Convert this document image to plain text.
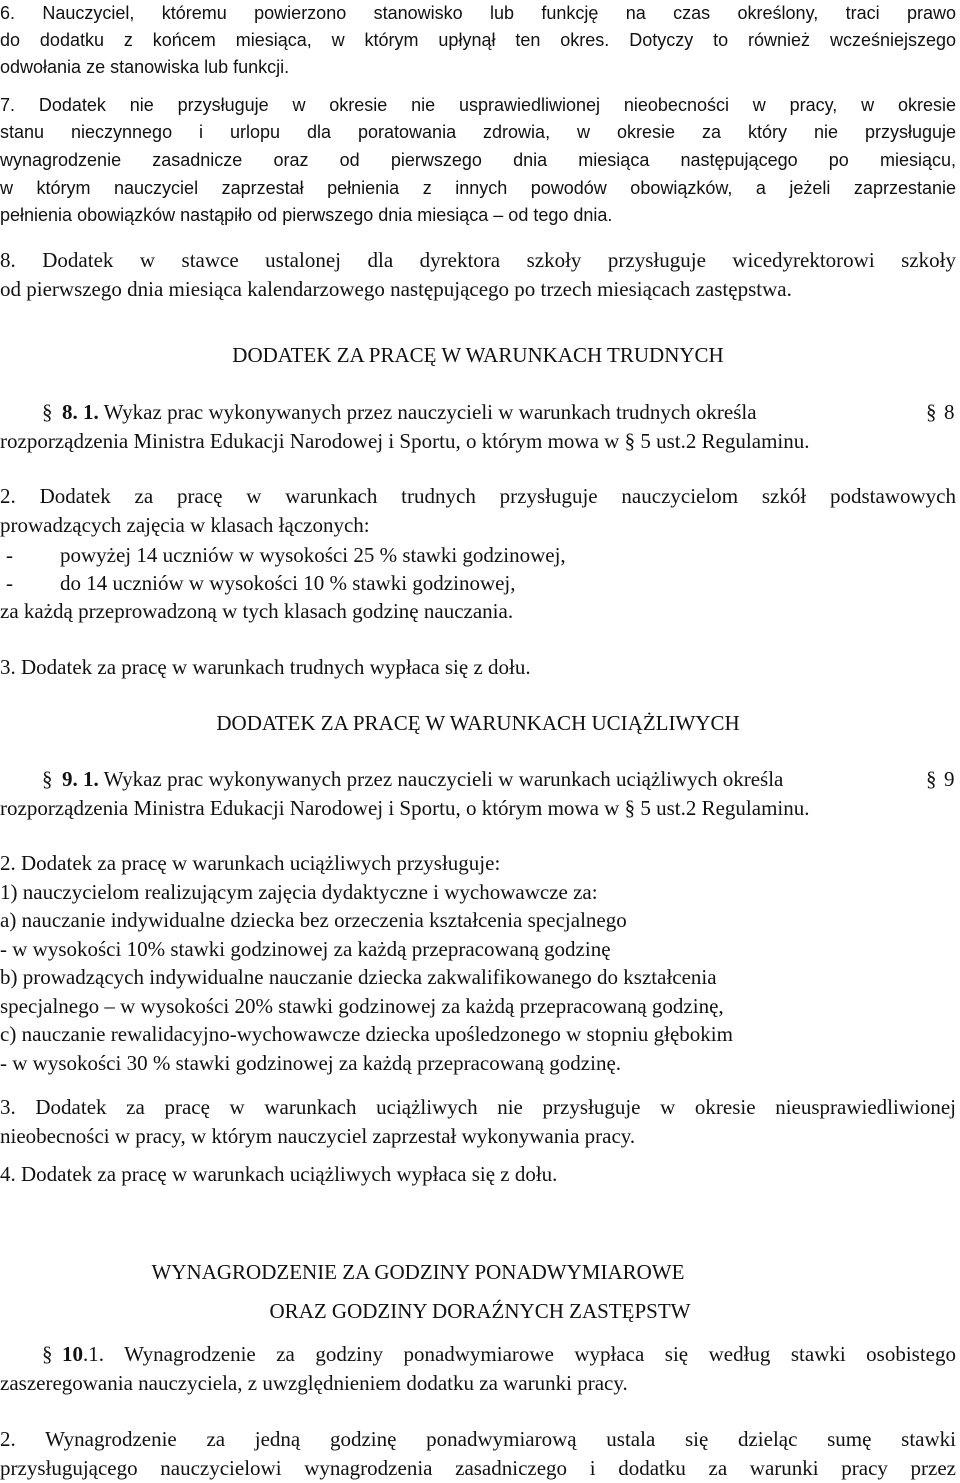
6. Nauczyciel, któremu powierzono stanowisko lub funkcję na czas określony, traci prawo

do dodatku z końcem miesiąca, w którym upłynął ten okres. Dotyczy to również wcześniejszego

odwołania ze stanowiska lub funkcji.

7. Dodatek nie przysługuje w okresie nie usprawiedliwionej nieobecności w pracy, w okresie

stanu nieczynnego i urlopu dla poratowania zdrowia, w okresie za który nie przysługuje

wynagrodzenie zasadnicze oraz od pierwszego dnia miesiąca następującego po miesiącu,

w którym nauczyciel zaprzestał pełnienia z innych powodów obowiązków, a jeżeli zaprzestanie

pełnienia obowiązków nastąpiło od pierwszego dnia miesiąca – od tego dnia.

8. Dodatek w stawce ustalonej dla dyrektora szkoły przysługuje wicedyrektorowi szkoły

od pierwszego dnia miesiąca kalendarzowego następującego po trzech miesiącach zastępstwa.

DODATEK ZA PRACĘ W WARUNKACH TRUDNYCH

§ 8. 1. Wykaz prac wykonywanych przez nauczycieli w warunkach trudnych określa	§ 8

rozporządzenia Ministra Edukacji Narodowej i Sportu, o którym mowa w § 5 ust.2 Regulaminu.

2. Dodatek za pracę w warunkach trudnych przysługuje nauczycielom szkół podstawowych

prowadzących zajęcia w klasach łączonych:

- powyżej 14 uczniów w wysokości 25 % stawki godzinowej,

- do 14 uczniów w wysokości 10 % stawki godzinowej,

za każdą przeprowadzoną w tych klasach godzinę nauczania.

3. Dodatek za pracę w warunkach trudnych wypłaca się z dołu.

DODATEK ZA PRACĘ W WARUNKACH UCIĄŻLIWYCH

§ 9. 1. Wykaz prac wykonywanych przez nauczycieli w warunkach uciążliwych określa	§ 9

rozporządzenia Ministra Edukacji Narodowej i Sportu, o którym mowa w § 5 ust.2 Regulaminu.

2. Dodatek za pracę w warunkach uciążliwych przysługuje:

1) nauczycielom realizującym zajęcia dydaktyczne i wychowawcze za:

a) nauczanie indywidualne dziecka bez orzeczenia kształcenia specjalnego

- w wysokości 10% stawki godzinowej za każdą przepracowaną godzinę

b) prowadzących indywidualne nauczanie dziecka zakwalifikowanego do kształcenia

specjalnego – w wysokości 20% stawki godzinowej za każdą przepracowaną godzinę,

c) nauczanie rewalidacyjno-wychowawcze dziecka upośledzonego w stopniu głębokim

- w wysokości 30 % stawki godzinowej za każdą przepracowaną godzinę.

3. Dodatek za pracę w warunkach uciążliwych nie przysługuje w okresie nieusprawiedliwionej

nieobecności w pracy, w którym nauczyciel zaprzestał wykonywania pracy.

4. Dodatek za pracę w warunkach uciążliwych wypłaca się z dołu.

WYNAGRODZENIE ZA GODZINY PONADWYMIAROWE

ORAZ GODZINY DORAŹNYCH ZASTĘPSTW

§ 10.1. Wynagrodzenie za godziny ponadwymiarowe wypłaca się według stawki osobistego

zaszeregowania nauczyciela, z uwzględnieniem dodatku za warunki pracy.

2. Wynagrodzenie za jedną godzinę ponadwymiarową ustala się dzieląc sumę stawki

przysługującego nauczycielowi wynagrodzenia zasadniczego i dodatku za warunki pracy przez
